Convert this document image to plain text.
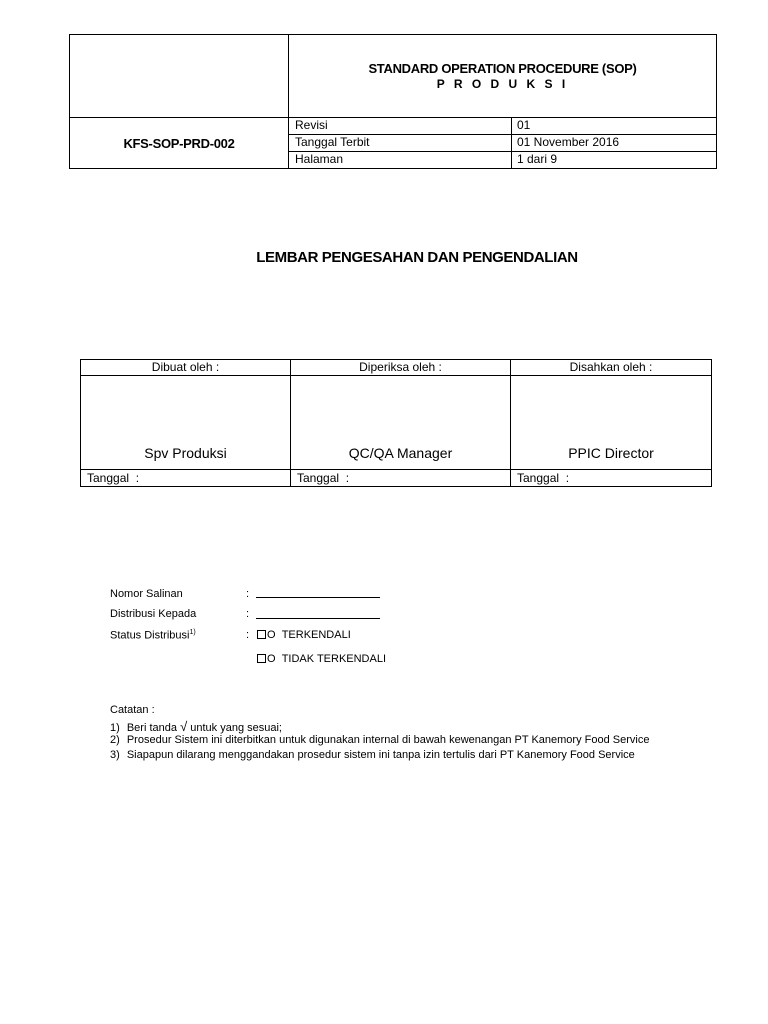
STANDARD OPERATION PROCEDURE (SOP)
P R O D U K S I
KFS-SOP-PRD-002
Revisi	01
Tanggal Terbit	01 November 2016
Halaman	1 dari 9
LEMBAR PENGESAHAN DAN PENGENDALIAN
Dibuat oleh :	Diperiksa oleh :	Disahkan oleh :
Spv Produksi	QC/QA Manager	PPIC Director
Tanggal  :	Tanggal  :	Tanggal  :
Nomor Salinan	:
Distribusi Kepada	:
Status Distribusi$^{1)}$	:	O TERKENDALI
O TIDAK TERKENDALI
Catatan :
1) Beri tanda √ untuk yang sesuai;
2) Prosedur Sistem ini diterbitkan untuk digunakan internal di bawah kewenangan PT Kanemory Food Service
3) Siapapun dilarang menggandakan prosedur sistem ini tanpa izin tertulis dari PT Kanemory Food Service
